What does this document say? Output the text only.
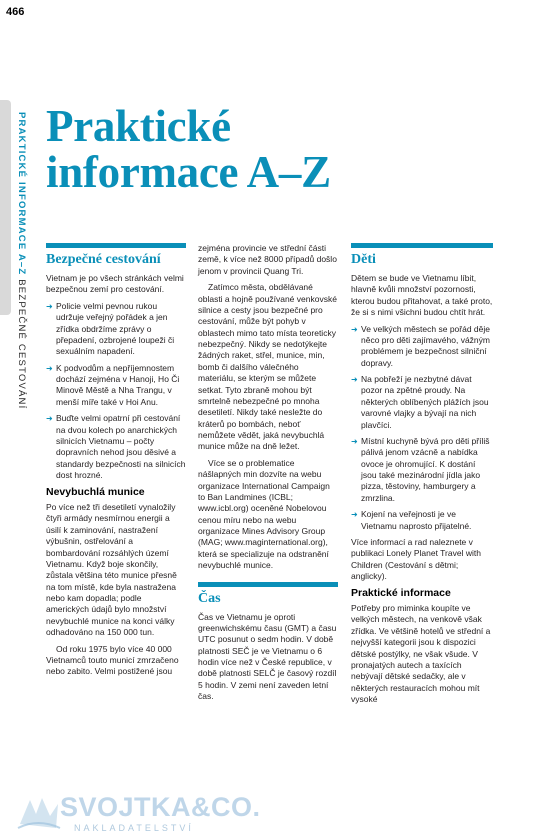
466
PRAKTICKÉ INFORMACE A–Z BEZPEČNÉ CESTOVÁNÍ
Praktické
informace A–Z
Bezpečné cestování

Vietnam je po všech stránkách velmi bezpečnou zemí pro cestování.

➜ Policie velmi pevnou rukou udržuje veřejný pořádek a jen zřídka obdržíme zprávy o přepadení, ozbrojené loupeži či sexuálním napadení.
➜ K podvodům a nepříjemnostem dochází zejména v Hanoji, Ho Či Minově Městě a Nha Trangu, v menší míře také v Hoi Anu.
➜ Buďte velmi opatrní při cestování na dvou kolech po anarchických silnicích Vietnamu – počty dopravních nehod jsou děsivé a standardy bezpečnosti na silnicích dost hrozné.
Nevybuchlá munice

Po více než tři desetiletí vynaložily čtyři armády nesmírnou energii a úsilí k zaminování, nastražení výbušnin, ostřelování a bombardování rozsáhlých území Vietnamu. Když boje skončily, zůstala většina této munice přesně na tom místě, kde byla nastražena nebo kam dopadla; podle amerických údajů bylo množství nevybuchlé munice na konci války odhadováno na 150 000 tun.

Od roku 1975 bylo více 40 000 Vietnamců touto municí zmrzačeno nebo zabito. Velmi postižené jsou

zejména provincie ve střední části země, k více než 8000 případů došlo jenom v provincii Quang Tri.

Zatímco města, obdělávané oblasti a hojně používané venkovské silnice a cesty jsou bezpečné pro cestování, může být pohyb v oblastech mimo tato místa teoreticky nebezpečný. Nikdy se nedotýkejte žádných raket, střel, munice, min, bomb či dalšího válečného materiálu, se kterým se můžete setkat. Tyto zbraně mohou být smrtelně nebezpečné po mnoha desetiletí. Nikdy také nesležte do kráterů po bombách, neboť nemůžete vědět, jaká nevybuchlá munice může na dně ležet.

Více se o problematice nášlapných min dozvíte na webu organizace International Campaign to Ban Landmines (ICBL; www.icbl.org) oceněné Nobelovou cenou míru nebo na webu organizace Mines Advisory Group (MAG; www.maginternational.org), která se specializuje na odstranění nevybuchlé munice.

Čas

Čas ve Vietnamu je oproti greenwichskému času (GMT) a času UTC posunut o sedm hodin. V době platnosti SEČ je ve Vietnamu o 6 hodin více než v České republice, v době platnosti SELČ je časový rozdíl 5 hodin. V zemi není zaveden letní čas.

Děti

Dětem se bude ve Vietnamu líbit, hlavně kvůli množství pozornosti, kterou budou přitahovat, a také proto, že si s nimi všichni budou chtít hrát.

➜ Ve velkých městech se pořád děje něco pro děti zajímavého, vážným problémem je bezpečnost silniční dopravy.
➜ Na pobřeží je nezbytné dávat pozor na zpětné proudy. Na některých oblíbených plážích jsou varovné vlajky a bývají na nich plavčíci.
➜ Místní kuchyně bývá pro děti příliš pálivá jenom vzácně a nabídka ovoce je ohromující. K dostání jsou také mezinárodní jídla jako pizza, těstoviny, hamburgery a zmrzlina.
➜ Kojení na veřejnosti je ve Vietnamu naprosto přijatelné.

Více informací a rad naleznete v publikaci Lonely Planet Travel with Children (Cestování s dětmi; anglicky).

Praktické informace

Potřeby pro miminka koupíte ve velkých městech, na venkově však zřídka. Ve většině hotelů ve střední a nejvyšší kategorii jsou k dispozici dětské postýlky, ne však všude. V pronajatých autech a taxících nebývají dětské sedačky, ale v některých restauracích mohou mít vysoké

SVOJTKA&CO.
NAKLADATELSTVÍ
